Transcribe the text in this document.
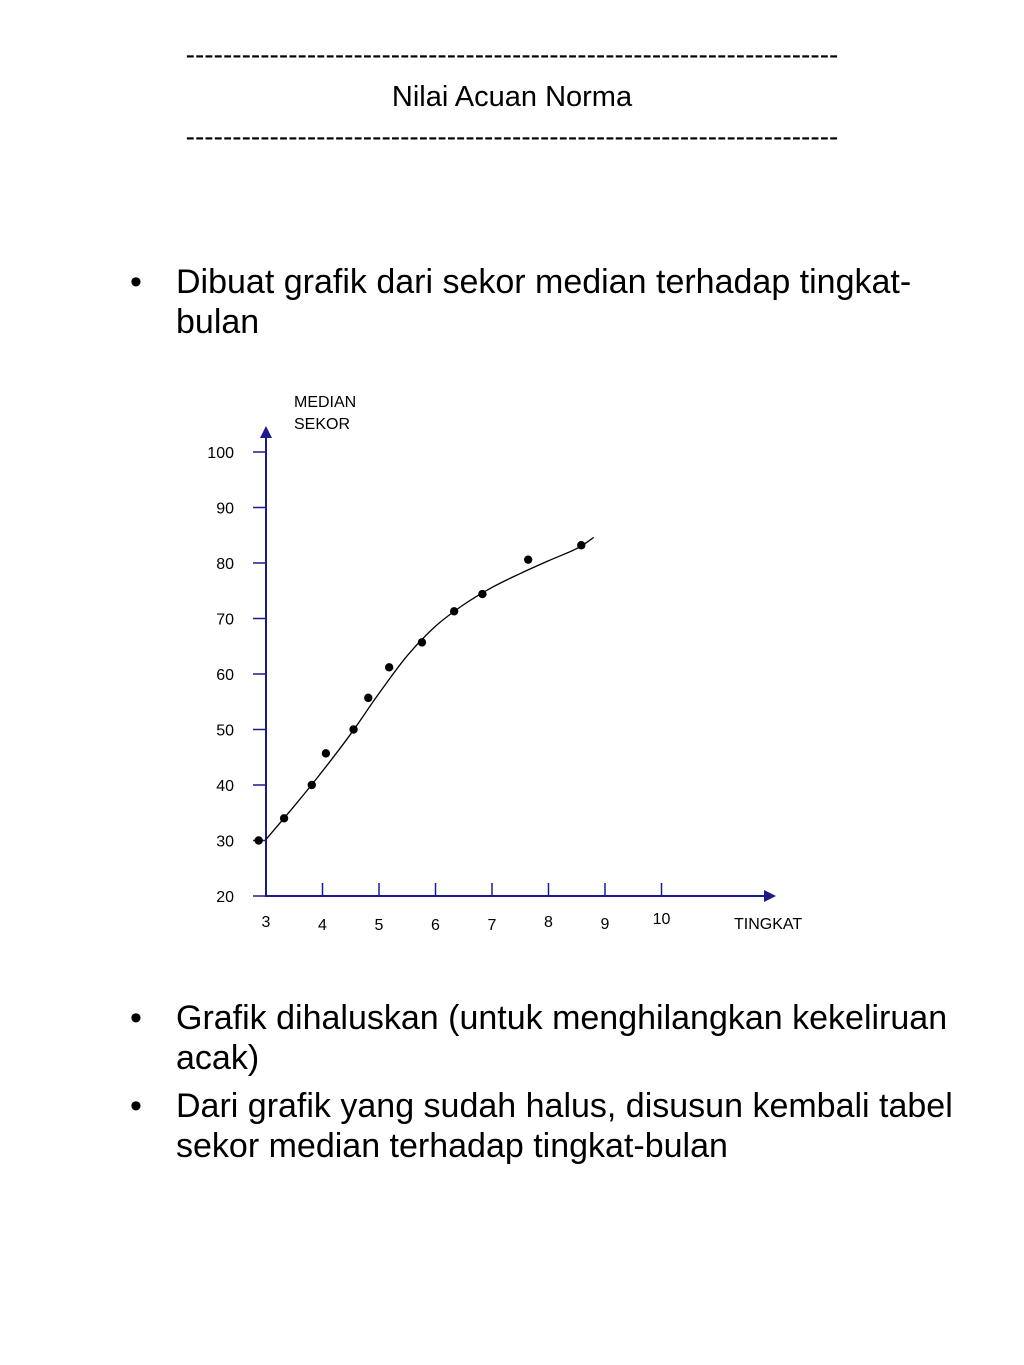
----------------------------------------------------------------------
Nilai Acuan Norma
----------------------------------------------------------------------
• Dibuat grafik dari sekor median terhadap tingkat-bulan
20
30
40
50
60
70
80
90
100
3	4	5	6	7	8	9	10
MEDIAN
SEKOR
TINGKAT
• Grafik dihaluskan (untuk menghilangkan kekeliruan acak)
• Dari grafik yang sudah halus, disusun kembali tabel sekor median terhadap tingkat-bulan
